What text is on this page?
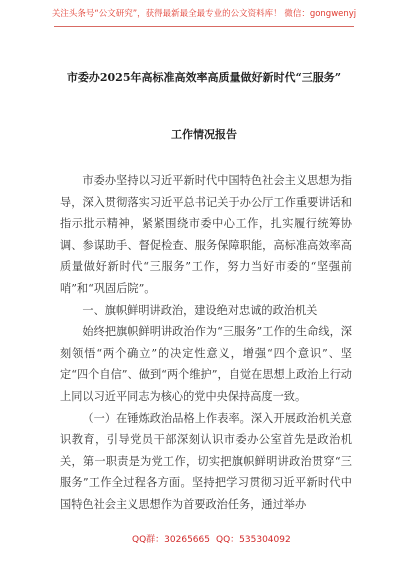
关注头条号“公文研究”，获得最新最全最专业的公文资料库！ 微信：gongwenyj
市委办2025年高标准高效率高质量做好新时代“三服务”
工作情况报告

市委办坚持以习近平新时代中国特色社会主义思想为指导，深入贯彻落实习近平总书记关于办公厅工作重要讲话和指示批示精神，紧紧围绕市委中心工作，扎实履行统筹协调、参谋助手、督促检查、服务保障职能，高标准高效率高质量做好新时代“三服务”工作，努力当好市委的“坚强前哨”和“巩固后院”。

一、旗帜鲜明讲政治，建设绝对忠诚的政治机关

始终把旗帜鲜明讲政治作为“三服务”工作的生命线，深刻领悟“两个确立”的决定性意义，增强“四个意识”、坚定“四个自信”、做到“两个维护”，自觉在思想上政治上行动上同以习近平同志为核心的党中央保持高度一致。

（一）在锤炼政治品格上作表率。深入开展政治机关意识教育，引导党员干部深刻认识市委办公室首先是政治机关，第一职责是为党工作，切实把旗帜鲜明讲政治贯穿“三服务”工作全过程各方面。坚持把学习贯彻习近平新时代中国特色社会主义思想作为首要政治任务，通过举办

QQ群：30265665 QQ：535304092
